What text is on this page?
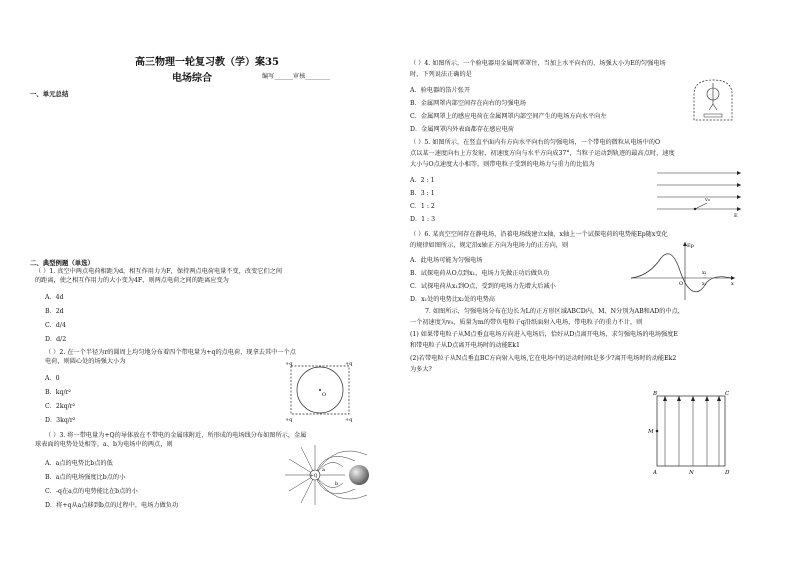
高三物理一轮复习教（学）案35
电场综合	编写______审核________
一、单元总结
二、典型例题（单选）
（ ）1. 真空中两点电荷相距为d，相互作用力为F，保持两点电荷电量不变，改变它们之间
的距离，使之相互作用力的大小变为4F，则两点电荷之间的距离应变为
A．4d
B．2d
C．d/4
D．d/2
（ ）2. 在一个半径为r的圆周上均匀地分布着四个带电量为+q的点电荷，现拿去其中一个点
电荷，则圆心处的场强大小为
A．0
B．kq/r²
C．2kq/r²
D．3kq/r²
O
+q	+q
+q	+q
（ ）3. 将一带电量为+Q的导体放在不带电的金属球附近，所形成的电场线分布如图所示，金属
球表面的电势处处相等，a、b为电场中的两点，则
A．a点的电势比b点的低
B．a点的电场强度比b点的小
C．-q在a点的电势能比在b点的小
D．将+q从a点移到b点的过程中，电场力做负功
+Q
a
b
（ ）4. 如图所示，一个验电器用金属网罩罩住，当加上水平向右的、场强大小为E的匀强电场
时，下列说法正确的是
A．验电器的箔片张开
B．金属网罩内部空间存在向右的匀强电场
C．金属网罩上的感应电荷在金属网罩内部空间产生的电场方向水平向左
D．金属网罩内外表面都存在感应电荷
（ ）5. 如图所示，在竖直平面内有方向水平向右的匀强电场，一个带电的微粒从电场中的O
点以某一速度向右上方发射，初速度方向与水平方向成37°，当粒子运动到轨迹的最高点时，速度
大小与O点速度大小相等，则带电粒子受到的电场力与重力的比值为
A．2 : 1
B．3 : 1
C．1 : 2
D．1 : 3
v₀
E
（ ）6. 某真空空间存在静电场，沿着电场线建立x轴，x轴上一个试探电荷的电势能Ep随x变化
的规律如图所示，规定沿x轴正方向为电场力的正方向，则
A．此电场可能为匀强电场
B．试探电荷从O点到x₁，电场力先做正功后做负功
C．试探电荷从x₁到O点，受到的电场力先增大后减小
D．x₁处的电势比x₂处的电势高
Ep
O	x
x₁
x₂
7. 如图所示，匀强电场分布在边长为L的正方形区域ABCD内，M、N分别为AB和AD的中点，
一个初速度为v₀，质量为m的带负电粒子q沿纸面射入电场，带电粒子的重力不计，则
(1) 如果带电粒子从M点垂直电场方向进入电场后，恰好从D点离开电场，求匀强电场的电场强度E
和带电粒子从D点离开电场时的动能Ek1
(2)若带电粒子从N点垂直BC方向射入电场,它在电场中的运动时间t是多少?离开电场时的动能Ek2
为多大?
B	C
A	D
M
N
